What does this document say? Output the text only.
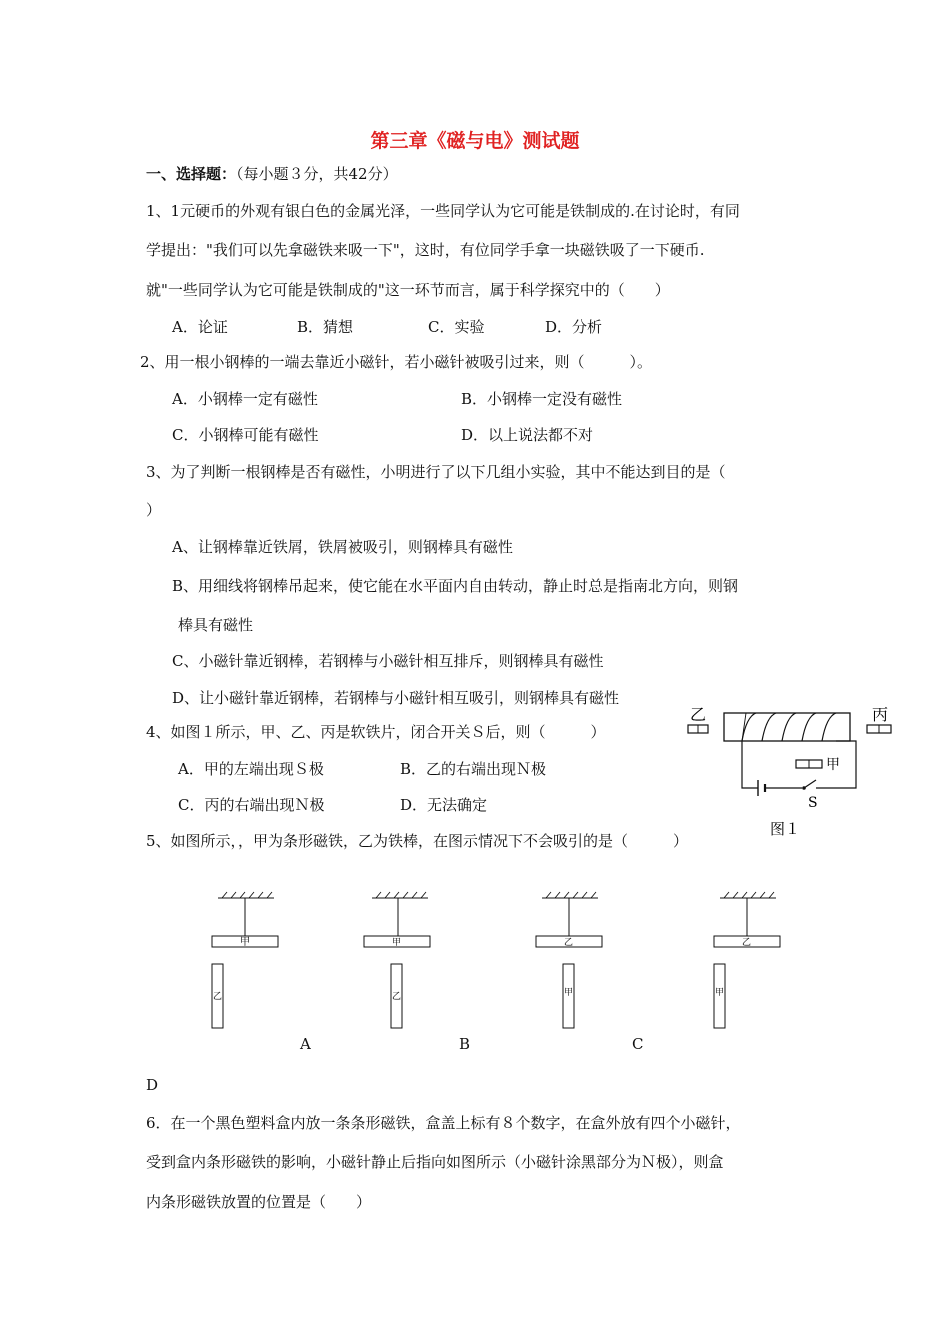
第三章《磁与电》测试题
一、选择题：（每小题３分，共42分）
1、1元硬币的外观有银白色的金属光泽，一些同学认为它可能是铁制成的.在讨论时，有同
学提出："我们可以先拿磁铁来吸一下"，这时，有位同学手拿一块磁铁吸了一下硬币.
就"一些同学认为它可能是铁制成的"这一环节而言，属于科学探究中的（　　）
A．论证	B．猜想	C．实验	D．分析
2、用一根小钢棒的一端去靠近小磁针，若小磁针被吸引过来，则（　　　）。
A．小钢棒一定有磁性	B．小钢棒一定没有磁性
C．小钢棒可能有磁性	D．以上说法都不对
3、为了判断一根钢棒是否有磁性，小明进行了以下几组小实验，其中不能达到目的是（
）
A、让钢棒靠近铁屑，铁屑被吸引，则钢棒具有磁性
B、用细线将钢棒吊起来，使它能在水平面内自由转动，静止时总是指南北方向，则钢
棒具有磁性
C、小磁针靠近钢棒，若钢棒与小磁针相互排斥，则钢棒具有磁性
D、让小磁针靠近钢棒，若钢棒与小磁针相互吸引，则钢棒具有磁性
4、如图１所示，甲、乙、丙是软铁片，闭合开关Ｓ后，则（　　　）
A．甲的左端出现Ｓ极	B．乙的右端出现Ｎ极
C．丙的右端出现Ｎ极	D．无法确定
乙	丙
S
甲
图１
5、如图所示，，甲为条形磁铁，乙为铁棒，在图示情况下不会吸引的是（　　　）
甲
乙
甲
乙
乙
甲
乙
甲
A	B	C
D
6．在一个黑色塑料盒内放一条条形磁铁，盒盖上标有８个数字，在盒外放有四个小磁针，
受到盒内条形磁铁的影响，小磁针静止后指向如图所示（小磁针涂黑部分为Ｎ极），则盒
内条形磁铁放置的位置是（　　）
